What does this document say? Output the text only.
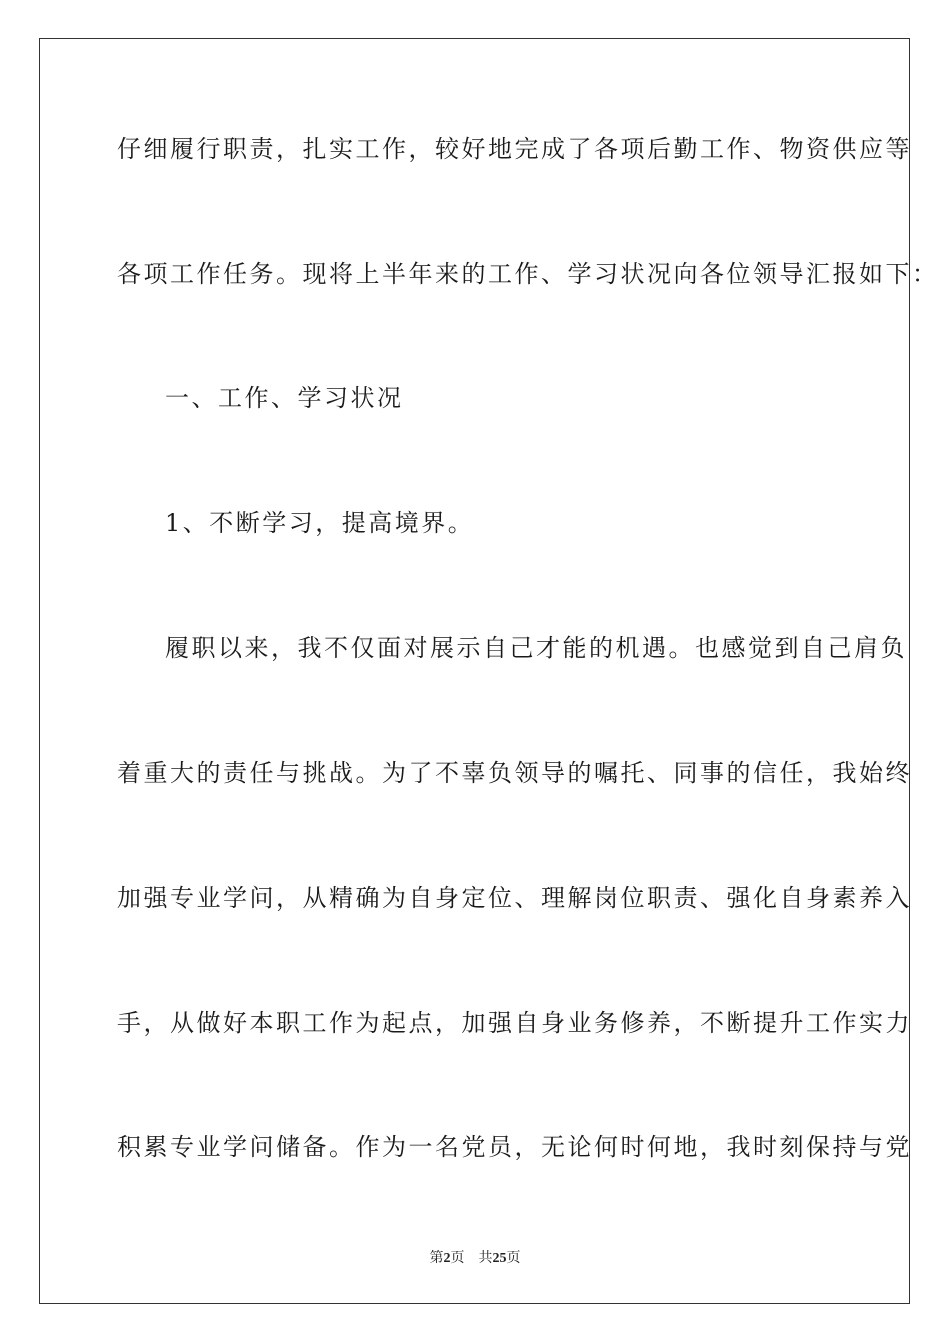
仔细履行职责，扎实工作，较好地完成了各项后勤工作、物资供应等
各项工作任务。现将上半年来的工作、学习状况向各位领导汇报如下：
一、工作、学习状况
1、不断学习，提高境界。
履职以来，我不仅面对展示自己才能的机遇。也感觉到自己肩负
着重大的责任与挑战。为了不辜负领导的嘱托、同事的信任，我始终
加强专业学问，从精确为自身定位、理解岗位职责、强化自身素养入
手，从做好本职工作为起点，加强自身业务修养，不断提升工作实力
积累专业学问储备。作为一名党员，无论何时何地，我时刻保持与党
第2页 共25页
